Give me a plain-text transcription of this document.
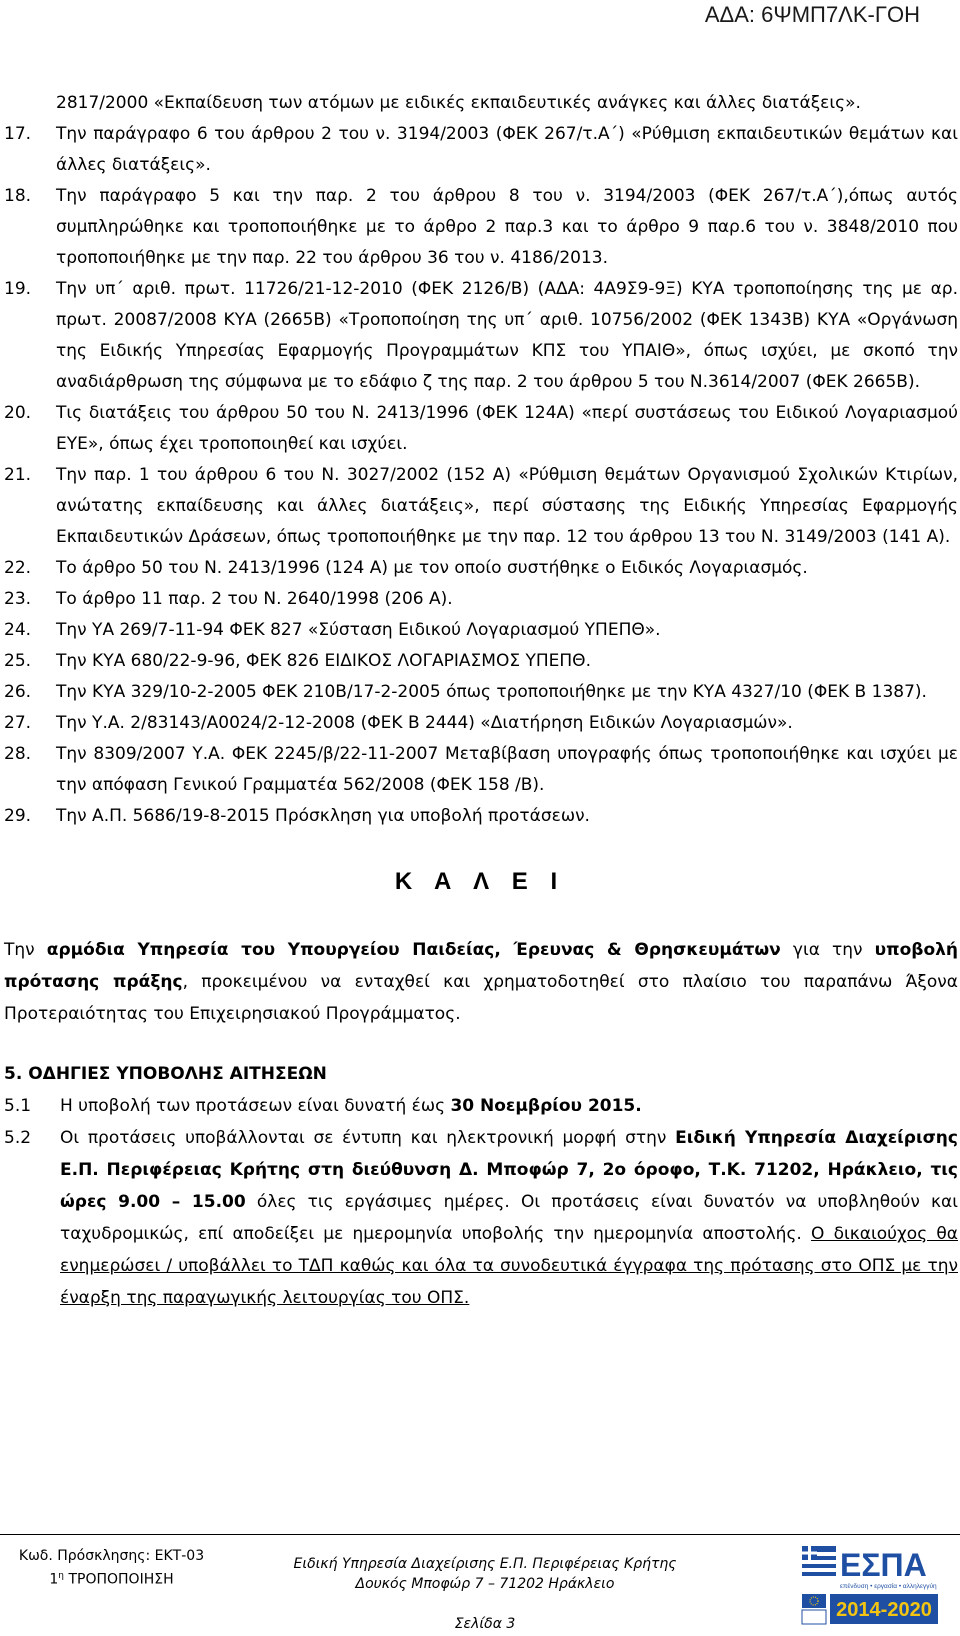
ΑΔΑ: 6ΨΜΠ7ΛΚ-ΓΟΗ
2817/2000 «Εκπαίδευση των ατόμων με ειδικές εκπαιδευτικές ανάγκες και άλλες διατάξεις».
17.	Την παράγραφο 6 του άρθρου 2 του ν. 3194/2003 (ΦΕΚ 267/τ.Α΄) «Ρύθμιση εκπαιδευτικών θεμάτων και άλλες διατάξεις».
18.	Την παράγραφο 5 και την παρ. 2 του άρθρου 8 του ν. 3194/2003 (ΦΕΚ 267/τ.Α΄),όπως αυτός συμπληρώθηκε και τροποποιήθηκε με το άρθρο 2 παρ.3 και το άρθρο 9 παρ.6 του ν. 3848/2010 που τροποποιήθηκε με την παρ. 22 του άρθρου 36 του ν. 4186/2013.
19.	Την υπ΄ αριθ. πρωτ. 11726/21-12-2010 (ΦΕΚ 2126/Β) (ΑΔΑ: 4Α9Σ9-9Ξ) ΚΥΑ τροποποίησης της με αρ. πρωτ. 20087/2008 ΚΥΑ (2665Β) «Τροποποίηση της υπ΄ αριθ. 10756/2002 (ΦΕΚ 1343Β) ΚΥΑ «Οργάνωση της Ειδικής Υπηρεσίας Εφαρμογής Προγραμμάτων ΚΠΣ του ΥΠΑΙΘ», όπως ισχύει, με σκοπό την αναδιάρθρωση της σύμφωνα με το εδάφιο ζ της παρ. 2 του άρθρου 5 του Ν.3614/2007 (ΦΕΚ 2665Β).
20.	Τις διατάξεις του άρθρου 50 του Ν. 2413/1996 (ΦΕΚ 124Α) «περί συστάσεως του Ειδικού Λογαριασμού ΕΥΕ», όπως έχει τροποποιηθεί και ισχύει.
21.	Την παρ. 1 του άρθρου 6 του Ν. 3027/2002 (152 Α) «Ρύθμιση θεμάτων Οργανισμού Σχολικών Κτιρίων, ανώτατης εκπαίδευσης και άλλες διατάξεις», περί σύστασης της Ειδικής Υπηρεσίας Εφαρμογής Εκπαιδευτικών Δράσεων, όπως τροποποιήθηκε με την παρ. 12 του άρθρου 13 του Ν. 3149/2003 (141 Α).
22.	Το άρθρο 50 του Ν. 2413/1996 (124 Α) με τον οποίο συστήθηκε ο Ειδικός Λογαριασμός.
23.	Το άρθρο 11 παρ. 2 του Ν. 2640/1998 (206 Α).
24.	Την ΥΑ 269/7-11-94 ΦΕΚ 827 «Σύσταση Ειδικού Λογαριασμού ΥΠΕΠΘ».
25.	Την ΚΥΑ 680/22-9-96, ΦΕΚ 826 ΕΙΔΙΚΟΣ ΛΟΓΑΡΙΑΣΜΟΣ ΥΠΕΠΘ.
26.	Την ΚΥΑ 329/10-2-2005 ΦΕΚ 210Β/17-2-2005 όπως τροποποιήθηκε με την ΚΥΑ 4327/10 (ΦΕΚ Β 1387).
27.	Την Υ.Α. 2/83143/Α0024/2-12-2008 (ΦΕΚ Β 2444) «Διατήρηση Ειδικών Λογαριασμών».
28.	Την 8309/2007 Υ.Α. ΦΕΚ 2245/β/22-11-2007 Μεταβίβαση υπογραφής όπως τροποποιήθηκε και ισχύει με την απόφαση Γενικού Γραμματέα 562/2008 (ΦΕΚ 158 /Β).
29.	Την Α.Π. 5686/19-8-2015 Πρόσκληση για υποβολή προτάσεων.
Κ Α Λ Ε Ι
Την αρμόδια Υπηρεσία του Υπουργείου Παιδείας, Έρευνας & Θρησκευμάτων για την υποβολή πρότασης πράξης, προκειμένου να ενταχθεί και χρηματοδοτηθεί στο πλαίσιο του παραπάνω Άξονα Προτεραιότητας του Επιχειρησιακού Προγράμματος.
5. ΟΔΗΓΙΕΣ ΥΠΟΒΟΛΗΣ ΑΙΤΗΣΕΩΝ
5.1	Η υποβολή των προτάσεων είναι δυνατή έως 30 Νοεμβρίου 2015.
5.2	Οι προτάσεις υποβάλλονται σε έντυπη και ηλεκτρονική μορφή στην Ειδική Υπηρεσία Διαχείρισης Ε.Π. Περιφέρειας Κρήτης στη διεύθυνση Δ. Μποφώρ 7, 2ο όροφο, Τ.Κ. 71202, Ηράκλειο, τις ώρες 9.00 – 15.00 όλες τις εργάσιμες ημέρες. Οι προτάσεις είναι δυνατόν να υποβληθούν και ταχυδρομικώς, επί αποδείξει με ημερομηνία υποβολής την ημερομηνία αποστολής. Ο δικαιούχος θα ενημερώσει / υποβάλλει το ΤΔΠ καθώς και όλα τα συνοδευτικά έγγραφα της πρότασης στο ΟΠΣ με την έναρξη της παραγωγικής λειτουργίας του ΟΠΣ.
Κωδ. Πρόσκλησης: ΕΚΤ-03
$1^\eta$ ΤΡΟΠΟΠΟΙΗΣΗ
Ειδική Υπηρεσία Διαχείρισης Ε.Π. Περιφέρειας Κρήτης
Δουκός Μποφώρ 7 – 71202 Ηράκλειο
Σελίδα 3
ΕΣΠΑ
επένδυση • εργασία • αλληλεγγύη
2014-2020
